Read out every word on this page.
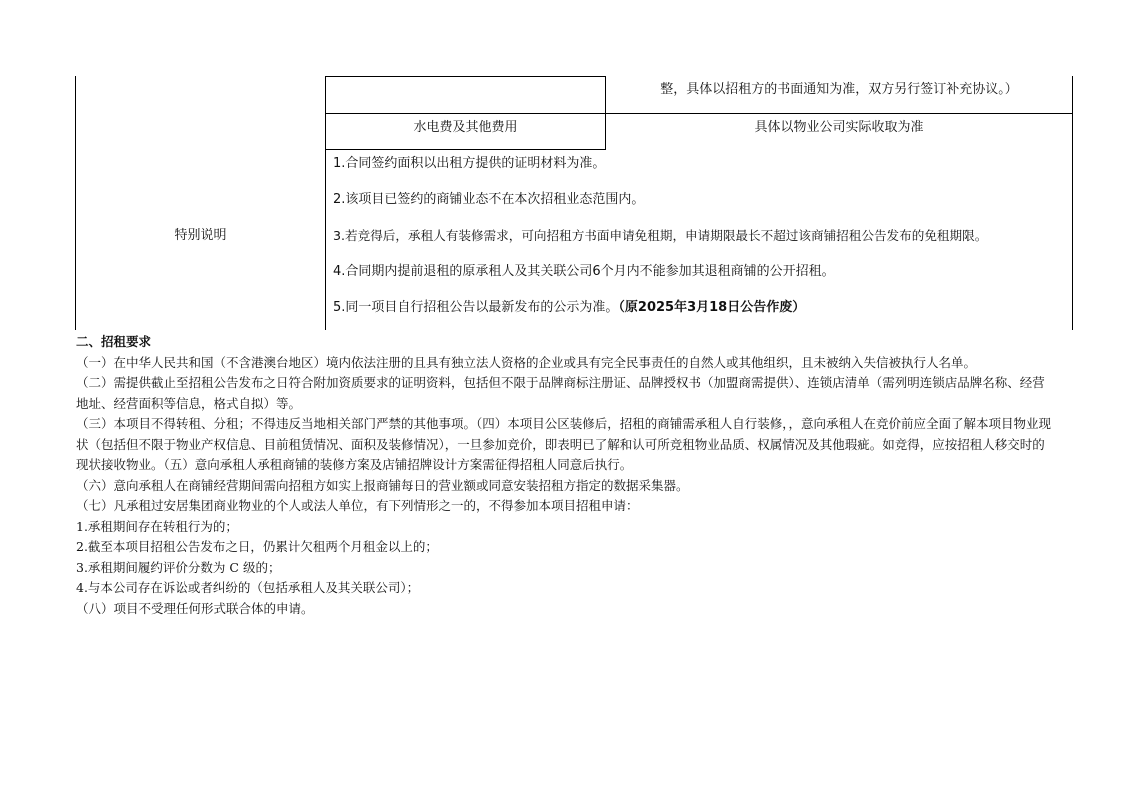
整，具体以招租方的书面通知为准，双方另行签订补充协议。）
水电费及其他费用	具体以物业公司实际收取为准
特别说明
1.合同签约面积以出租方提供的证明材料为准。
2.该项目已签约的商铺业态不在本次招租业态范围内。
3.若竞得后，承租人有装修需求，可向招租方书面申请免租期，申请期限最长不超过该商铺招租公告发布的免租期限。
4.合同期内提前退租的原承租人及其关联公司6个月内不能参加其退租商铺的公开招租。
5.同一项目自行招租公告以最新发布的公示为准。（原2025年3月18日公告作废）

二、招租要求

（一）在中华人民共和国（不含港澳台地区）境内依法注册的且具有独立法人资格的企业或具有完全民事责任的自然人或其他组织，且未被纳入失信被执行人名单。

（二）需提供截止至招租公告发布之日符合附加资质要求的证明资料，包括但不限于品牌商标注册证、品牌授权书（加盟商需提供）、连锁店清单（需列明连锁店品牌名称、经营地址、经营面积等信息，格式自拟）等。

（三）本项目不得转租、分租；不得违反当地相关部门严禁的其他事项。（四）本项目公区装修后，招租的商铺需承租人自行装修，，意向承租人在竞价前应全面了解本项目物业现状（包括但不限于物业产权信息、目前租赁情况、面积及装修情况），一旦参加竞价，即表明已了解和认可所竞租物业品质、权属情况及其他瑕疵。如竞得，应按招租人移交时的现状接收物业。（五）意向承租人承租商铺的装修方案及店铺招牌设计方案需征得招租人同意后执行。

（六）意向承租人在商铺经营期间需向招租方如实上报商铺每日的营业额或同意安装招租方指定的数据采集器。

（七）凡承租过安居集团商业物业的个人或法人单位，有下列情形之一的，不得参加本项目招租申请：

1.承租期间存在转租行为的；

2.截至本项目招租公告发布之日，仍累计欠租两个月租金以上的；

3.承租期间履约评价分数为 C 级的；

4.与本公司存在诉讼或者纠纷的（包括承租人及其关联公司）；

（八）项目不受理任何形式联合体的申请。
